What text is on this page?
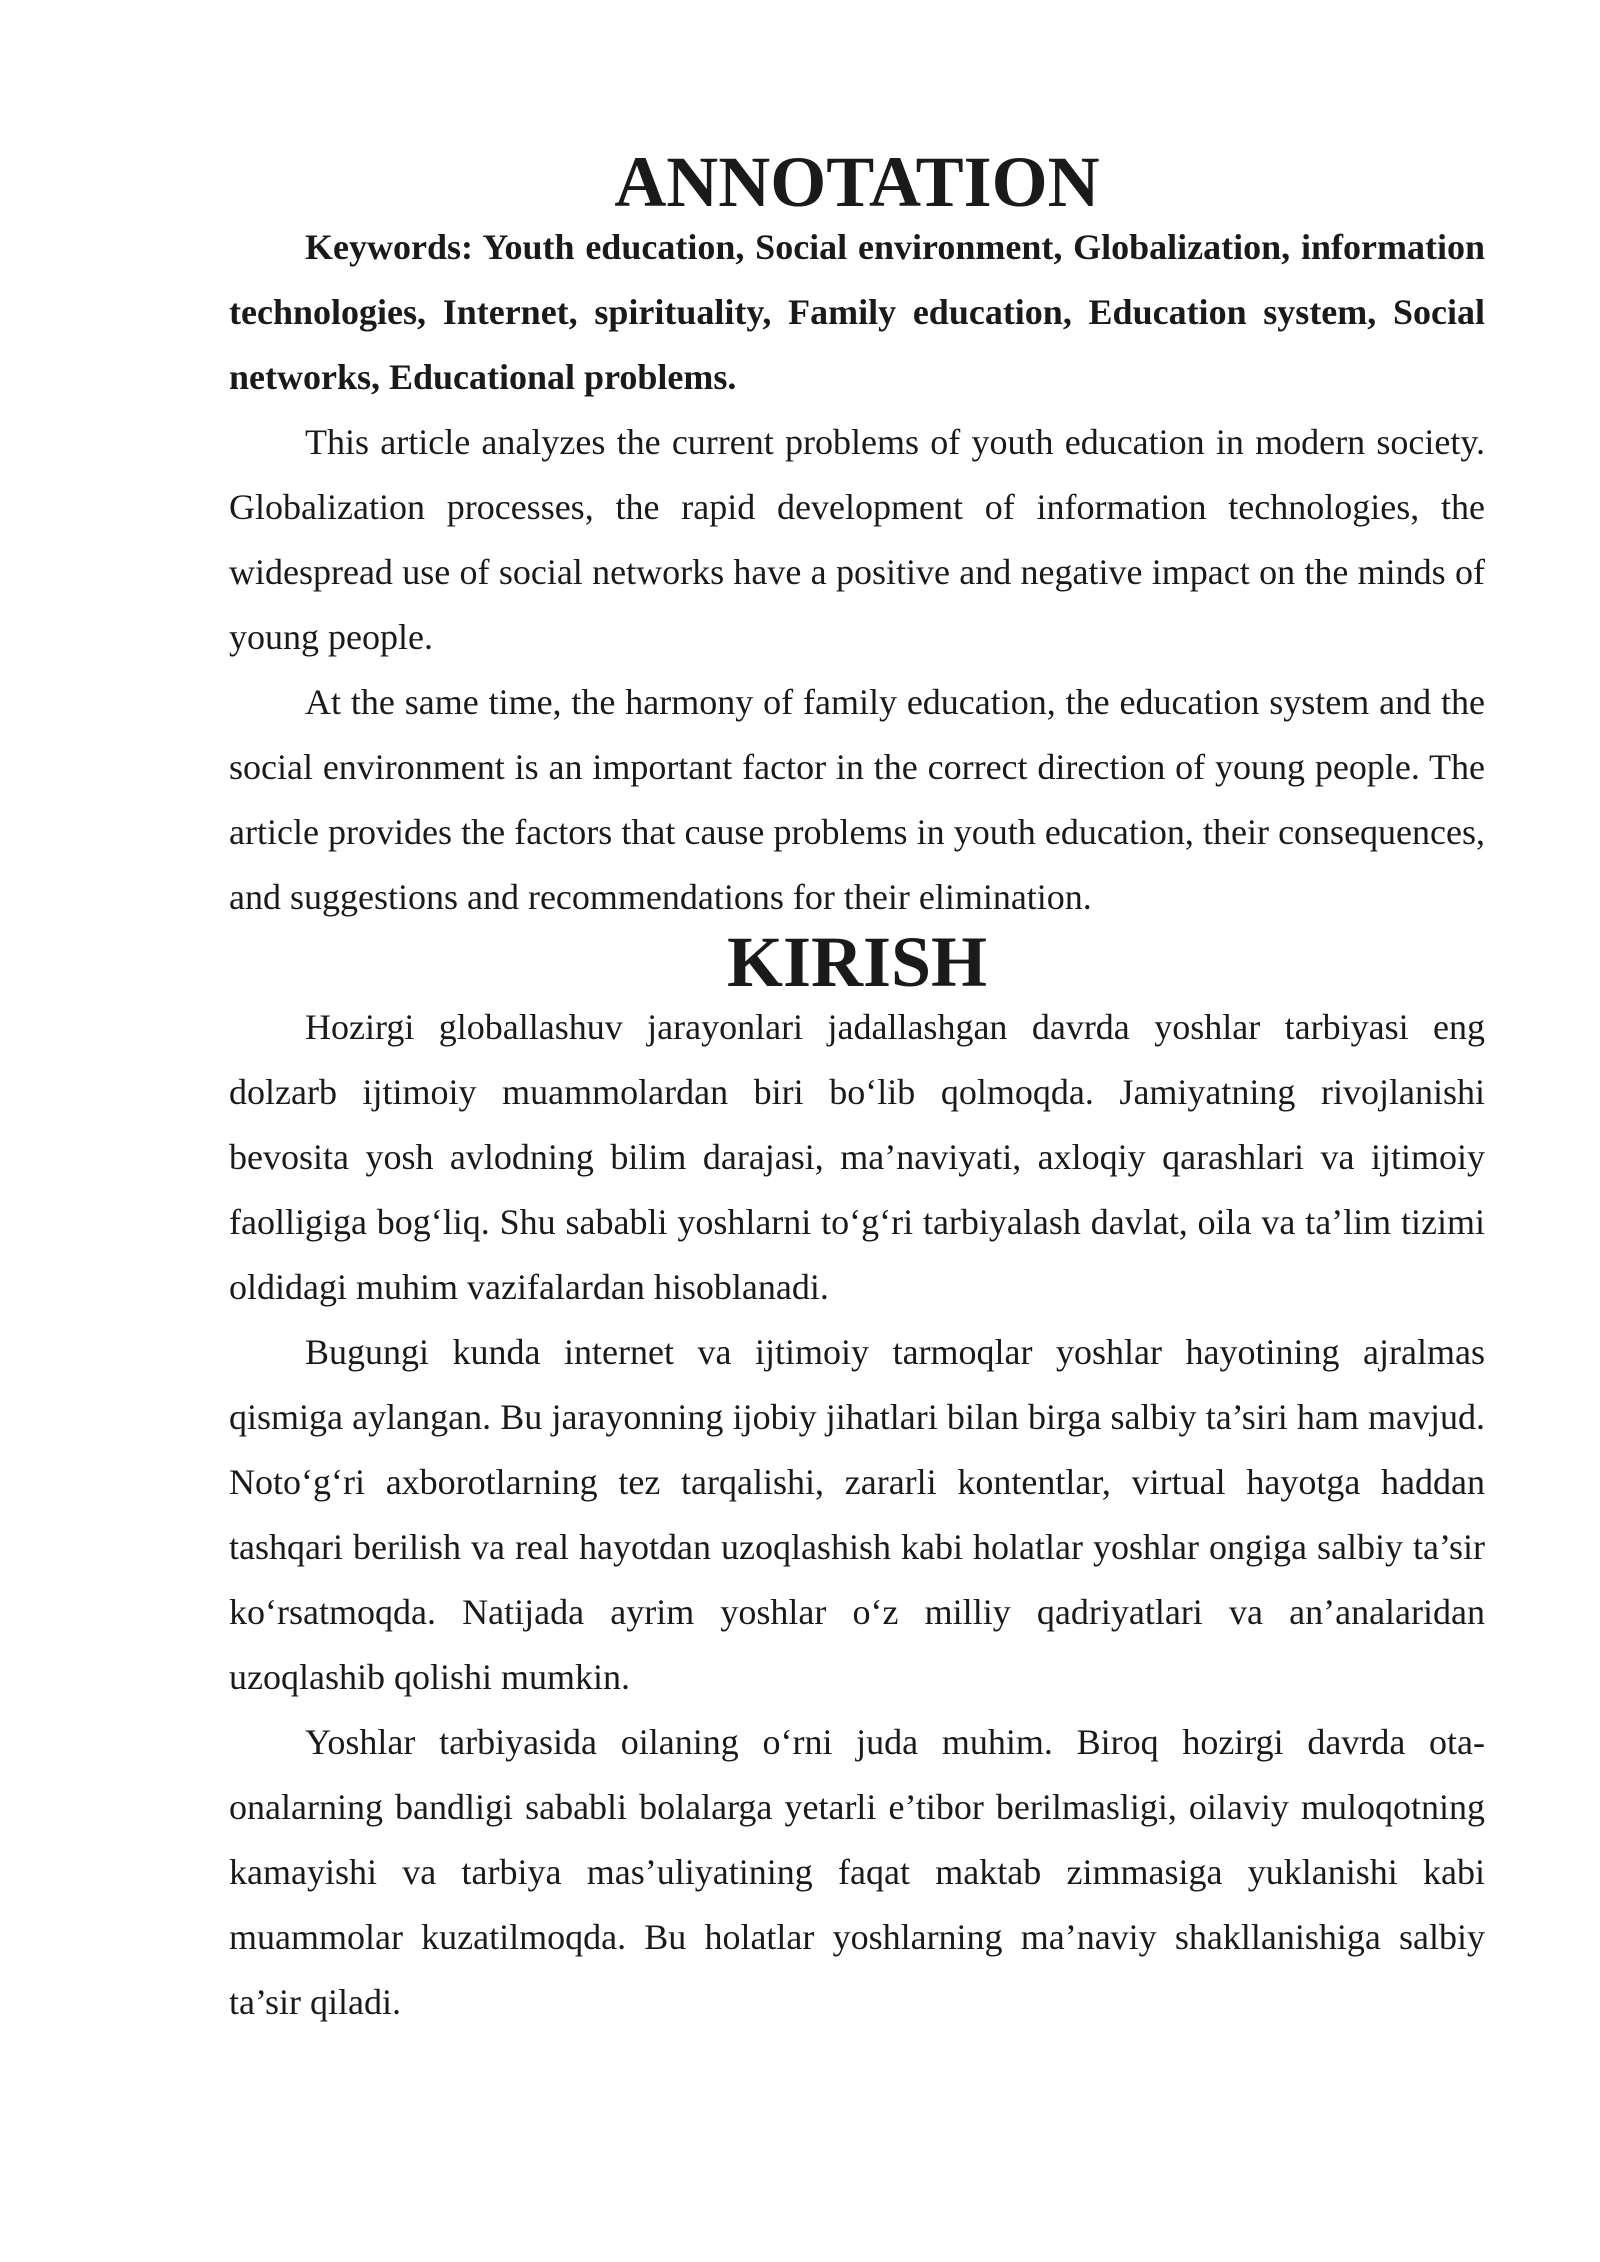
ANNOTATION

Keywords: Youth education, Social environment, Globalization, information technologies, Internet, spirituality, Family education, Education system, Social networks, Educational problems.

This article analyzes the current problems of youth education in modern society. Globalization processes, the rapid development of information technologies, the widespread use of social networks have a positive and negative impact on the minds of young people.

At the same time, the harmony of family education, the education system and the social environment is an important factor in the correct direction of young people. The article provides the factors that cause problems in youth education, their consequences, and suggestions and recommendations for their elimination.

KIRISH

Hozirgi globallashuv jarayonlari jadallashgan davrda yoshlar tarbiyasi eng dolzarb ijtimoiy muammolardan biri bo‘lib qolmoqda. Jamiyatning rivojlanishi bevosita yosh avlodning bilim darajasi, ma’naviyati, axloqiy qarashlari va ijtimoiy faolligiga bog‘liq. Shu sababli yoshlarni to‘g‘ri tarbiyalash davlat, oila va ta’lim tizimi oldidagi muhim vazifalardan hisoblanadi.

Bugungi kunda internet va ijtimoiy tarmoqlar yoshlar hayotining ajralmas qismiga aylangan. Bu jarayonning ijobiy jihatlari bilan birga salbiy ta’siri ham mavjud. Noto‘g‘ri axborotlarning tez tarqalishi, zararli kontentlar, virtual hayotga haddan tashqari berilish va real hayotdan uzoqlashish kabi holatlar yoshlar ongiga salbiy ta’sir ko‘rsatmoqda. Natijada ayrim yoshlar o‘z milliy qadriyatlari va an’analaridan uzoqlashib qolishi mumkin.

Yoshlar tarbiyasida oilaning o‘rni juda muhim. Biroq hozirgi davrda ota-onalarning bandligi sababli bolalarga yetarli e’tibor berilmasligi, oilaviy muloqotning kamayishi va tarbiya mas’uliyatining faqat maktab zimmasiga yuklanishi kabi muammolar kuzatilmoqda. Bu holatlar yoshlarning ma’naviy shakllanishiga salbiy ta’sir qiladi.
